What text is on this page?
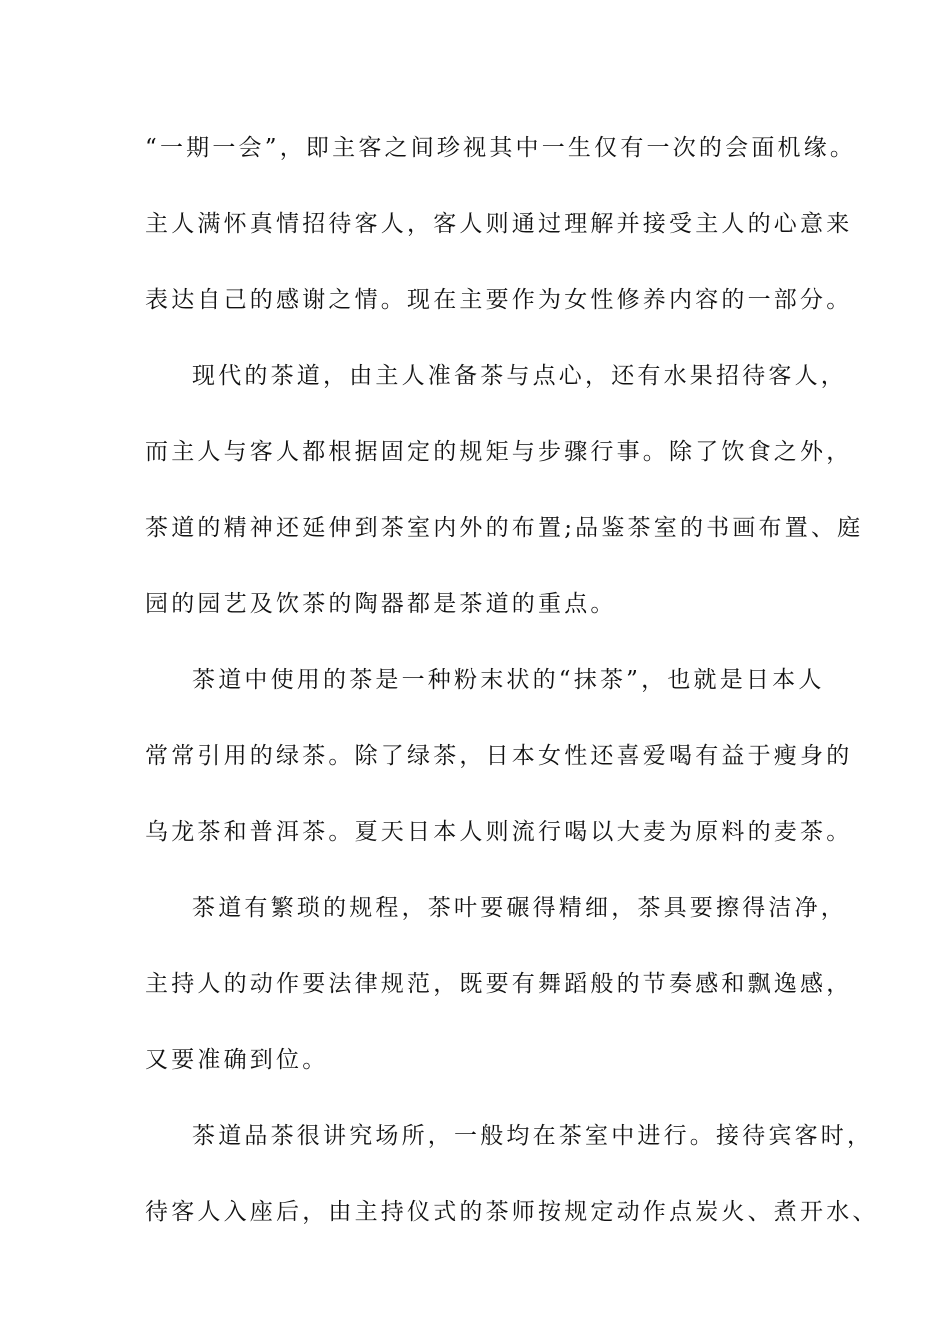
“一期一会”，即主客之间珍视其中一生仅有一次的会面机缘。
主人满怀真情招待客人，客人则通过理解并接受主人的心意来
表达自己的感谢之情。现在主要作为女性修养内容的一部分。
现代的茶道，由主人准备茶与点心，还有水果招待客人，
而主人与客人都根据固定的规矩与步骤行事。除了饮食之外，
茶道的精神还延伸到茶室内外的布置;品鉴茶室的书画布置、庭
园的园艺及饮茶的陶器都是茶道的重点。
茶道中使用的茶是一种粉末状的“抹茶”，也就是日本人
常常引用的绿茶。除了绿茶，日本女性还喜爱喝有益于瘦身的
乌龙茶和普洱茶。夏天日本人则流行喝以大麦为原料的麦茶。
茶道有繁琐的规程，茶叶要碾得精细，茶具要擦得洁净，
主持人的动作要法律规范，既要有舞蹈般的节奏感和飘逸感，
又要准确到位。
茶道品茶很讲究场所，一般均在茶室中进行。接待宾客时，
待客人入座后，由主持仪式的茶师按规定动作点炭火、煮开水、
